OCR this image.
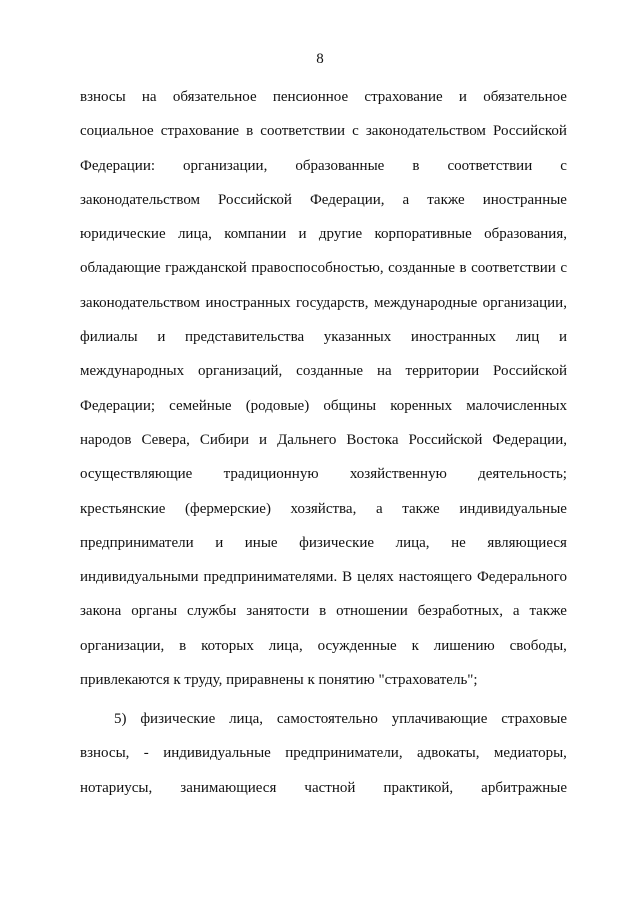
8
взносы на обязательное пенсионное страхование и обязательное
социальное страхование в соответствии с законодательством Российской
Федерации: организации, образованные в соответствии с
законодательством Российской Федерации, а также иностранные
юридические лица, компании и другие корпоративные образования,
обладающие гражданской правоспособностью, созданные в соответствии с
законодательством иностранных государств, международные организации,
филиалы и представительства указанных иностранных лиц и
международных организаций, созданные на территории Российской
Федерации; семейные (родовые) общины коренных малочисленных
народов Севера, Сибири и Дальнего Востока Российской Федерации,
осуществляющие традиционную хозяйственную деятельность;
крестьянские (фермерские) хозяйства, а также индивидуальные
предприниматели и иные физические лица, не являющиеся
индивидуальными предпринимателями. В целях настоящего Федерального
закона органы службы занятости в отношении безработных, а также
организации, в которых лица, осужденные к лишению свободы,
привлекаются к труду, приравнены к понятию "страхователь";
5) физические лица, самостоятельно уплачивающие страховые
взносы, - индивидуальные предприниматели, адвокаты, медиаторы,
нотариусы, занимающиеся частной практикой, арбитражные
